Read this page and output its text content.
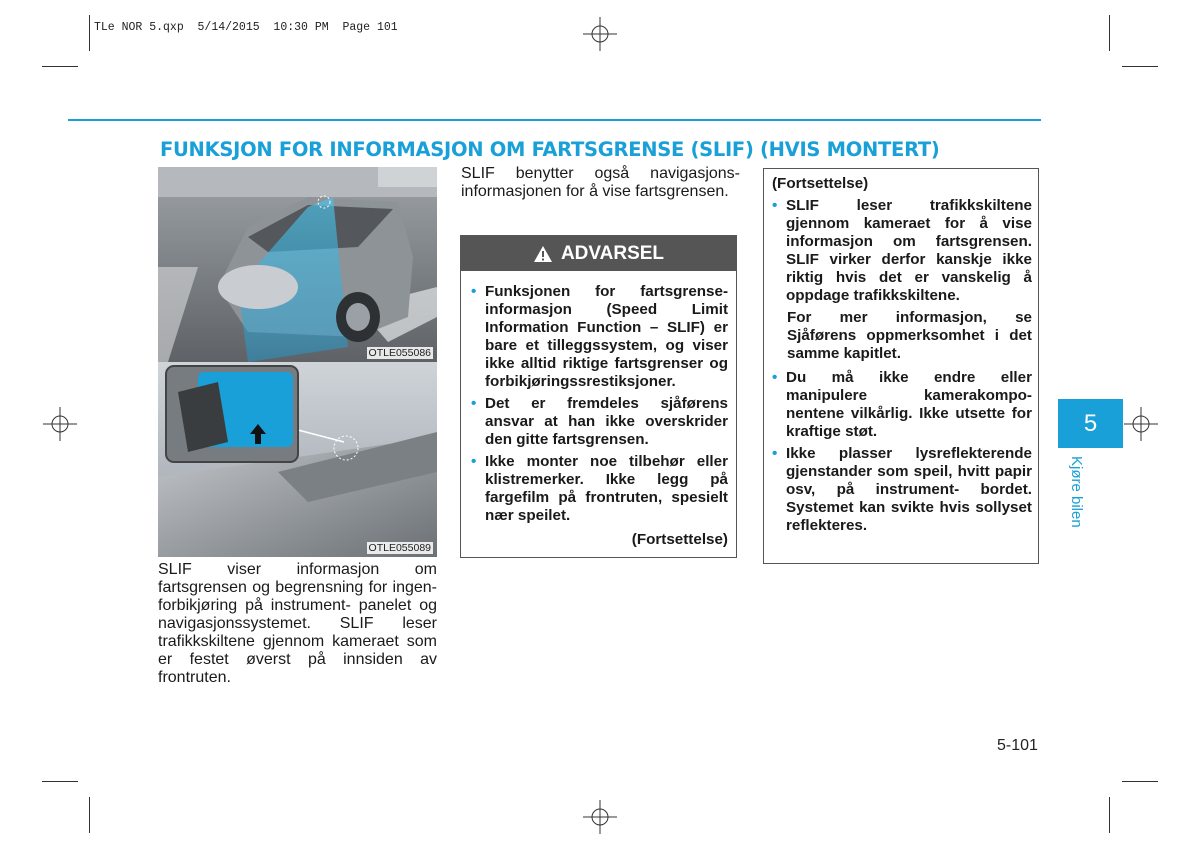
TLe NOR 5.qxp  5/14/2015  10:30 PM  Page 101
FUNKSJON FOR INFORMASJON OM FARTSGRENSE (SLIF) (HVIS MONTERT)
OTLE055086
OTLE055089
SLIF viser informasjon om fartsgrensen og begrensning for ingen-forbikjøring på instrument- panelet og navigasjonssystemet. SLIF leser trafikkskiltene gjennom kameraet som er festet øverst på innsiden av frontruten.
SLIF benytter også navigasjons- informasjonen for å vise fartsgrensen.
ADVARSEL
• Funksjonen for fartsgrense- informasjon (Speed Limit Information Function – SLIF) er bare et tilleggssystem, og viser ikke alltid riktige fartsgrenser og forbikjøringssrestiksjoner.
• Det er fremdeles sjåførens ansvar at han ikke overskrider den gitte fartsgrensen.
• Ikke monter noe tilbehør eller klistremerker. Ikke legg på fargefilm på frontruten, spesielt nær speilet.
(Fortsettelse)
(Fortsettelse)
• SLIF leser trafikkskiltene gjennom kameraet for å vise informasjon om fartsgrensen. SLIF virker derfor kanskje ikke riktig hvis det er vanskelig å oppdage trafikkskiltene.
For mer informasjon, se Sjåførens oppmerksomhet i det samme kapitlet.
• Du må ikke endre eller manipulere kamerakompo- nentene vilkårlig. Ikke utsette for kraftige støt.
• Ikke plasser lysreflekterende gjenstander som speil, hvitt papir osv, på instrument- bordet. Systemet kan svikte hvis sollyset reflekteres.
5
Kjøre bilen
5-101
